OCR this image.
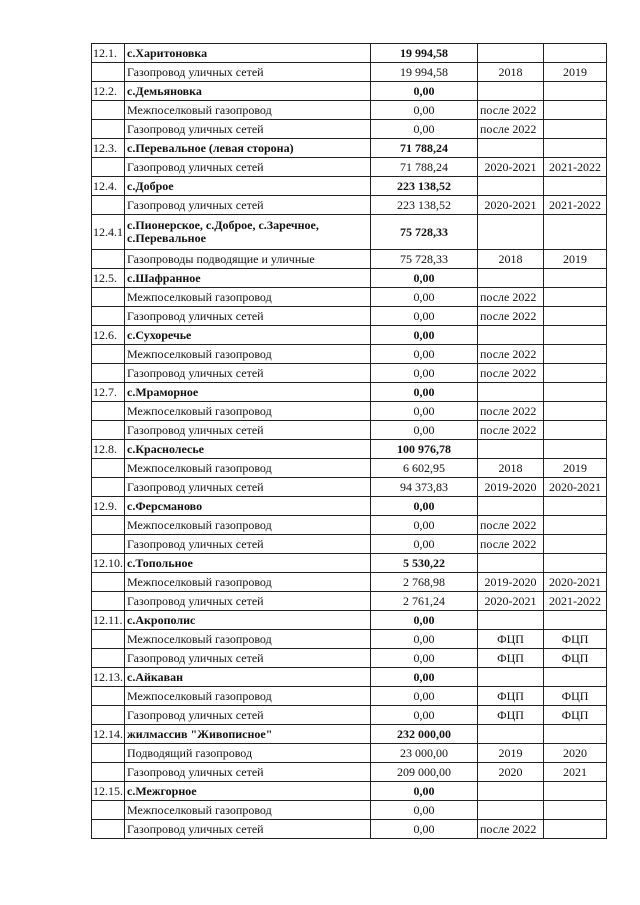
12.1.	с.Харитоновка	19 994,58		
	Газопровод уличных сетей	19 994,58	2018	2019
12.2.	с.Демьяновка	0,00		
	Межпоселковый газопровод	0,00	после 2022	
	Газопровод уличных сетей	0,00	после 2022	
12.3.	с.Перевальное (левая сторона)	71 788,24		
	Газопровод уличных сетей	71 788,24	2020-2021	2021-2022
12.4.	с.Доброе	223 138,52		
	Газопровод уличных сетей	223 138,52	2020-2021	2021-2022
12.4.1	с.Пионерское, с.Доброе, с.Заречное, с.Перевальное	75 728,33		
	Газопроводы подводящие и уличные	75 728,33	2018	2019
12.5.	с.Шафранное	0,00		
	Межпоселковый газопровод	0,00	после 2022	
	Газопровод уличных сетей	0,00	после 2022	
12.6.	с.Сухоречье	0,00		
	Межпоселковый газопровод	0,00	после 2022	
	Газопровод уличных сетей	0,00	после 2022	
12.7.	с.Мраморное	0,00		
	Межпоселковый газопровод	0,00	после 2022	
	Газопровод уличных сетей	0,00	после 2022	
12.8.	с.Краснолесье	100 976,78		
	Межпоселковый газопровод	6 602,95	2018	2019
	Газопровод уличных сетей	94 373,83	2019-2020	2020-2021
12.9.	с.Ферсманово	0,00		
	Межпоселковый газопровод	0,00	после 2022	
	Газопровод уличных сетей	0,00	после 2022	
12.10.	с.Топольное	5 530,22		
	Межпоселковый газопровод	2 768,98	2019-2020	2020-2021
	Газопровод уличных сетей	2 761,24	2020-2021	2021-2022
12.11.	с.Акрополис	0,00		
	Межпоселковый газопровод	0,00	ФЦП	ФЦП
	Газопровод уличных сетей	0,00	ФЦП	ФЦП
12.13.	с.Айкаван	0,00		
	Межпоселковый газопровод	0,00	ФЦП	ФЦП
	Газопровод уличных сетей	0,00	ФЦП	ФЦП
12.14.	жилмассив "Живописное"	232 000,00		
	Подводящий газопровод	23 000,00	2019	2020
	Газопровод уличных сетей	209 000,00	2020	2021
12.15.	с.Межгорное	0,00		
	Межпоселковый газопровод	0,00		
	Газопровод уличных сетей	0,00	после 2022	
